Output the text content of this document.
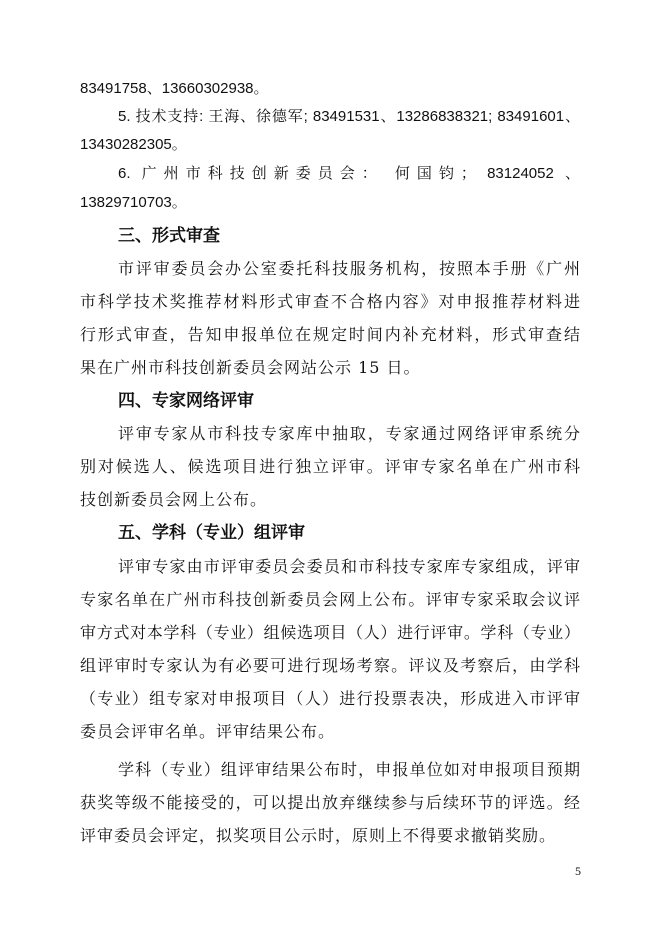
83491758、13660302938。
5. 技术支持: 王海、徐德军; 83491531、13286838321; 83491601、
13430282305。
6. 广州市科技创新委员会： 何国钧； 83124052 、
13829710703。
三、形式审查
市评审委员会办公室委托科技服务机构，按照本手册《广州
市科学技术奖推荐材料形式审查不合格内容》对申报推荐材料进
行形式审查，告知申报单位在规定时间内补充材料，形式审查结
果在广州市科技创新委员会网站公示 15 日。
四、专家网络评审
评审专家从市科技专家库中抽取，专家通过网络评审系统分
别对候选人、候选项目进行独立评审。评审专家名单在广州市科
技创新委员会网上公布。
五、学科（专业）组评审
评审专家由市评审委员会委员和市科技专家库专家组成，评审
专家名单在广州市科技创新委员会网上公布。评审专家采取会议评
审方式对本学科（专业）组候选项目（人）进行评审。学科（专业）
组评审时专家认为有必要可进行现场考察。评议及考察后，由学科
（专业）组专家对申报项目（人）进行投票表决，形成进入市评审
委员会评审名单。评审结果公布。
学科（专业）组评审结果公布时，申报单位如对申报项目预期
获奖等级不能接受的，可以提出放弃继续参与后续环节的评选。经
评审委员会评定，拟奖项目公示时，原则上不得要求撤销奖励。
5
